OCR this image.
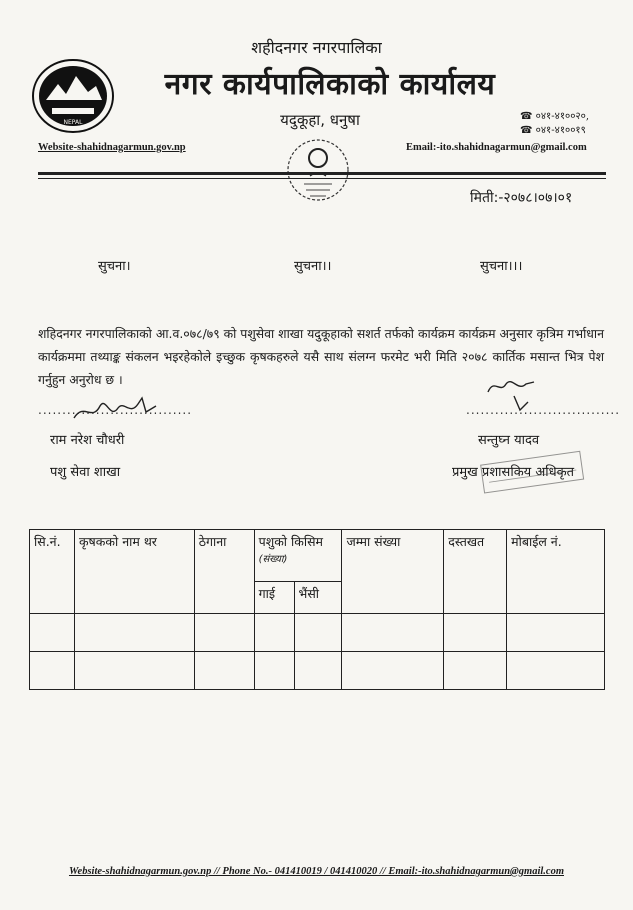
NEPAL
शहीदनगर नगरपालिका
नगर कार्यपालिकाको कार्यालय
यदुकूहा, धनुषा	☎ ०४१-४१००२०,
☎ ०४१-४१००१९
Website-shahidnagarmun.gov.np	Email:-ito.shahidnagarmun@gmail.com
मिती:-२०७८।०७।०१
सुचना।	सुचना।।	सुचना।।।
शहिदनगर नगरपालिकाको आ.व.०७८/७९ को पशुसेवा शाखा यदुकूहाको सशर्त तर्फको कार्यक्रम कार्यक्रम अनुसार कृत्रिम गर्भाधान कार्यक्रममा तथ्याङ्क संकलन भइरहेकोले इच्छुक कृषकहरुले यसै साथ संलग्न फरमेट भरी मिति २०७८ कार्तिक मसान्त भित्र पेश गर्नुहुन अनुरोध छ ।
................................
राम नरेश चौधरी
पशु सेवा शाखा
................................
सन्तुघ्न यादव
प्रमुख प्रशासकिय अधिकृत
सि.नं.	कृषकको नाम थर	ठेगाना	पशुको किसिम (संख्या)		जम्मा संख्या	दस्तखत	मोबाईल नं.
			गाई	भैंसी			

Website-shahidnagarmun.gov.np // Phone No.- 041410019 / 041410020 // Email:-ito.shahidnagarmun@gmail.com
